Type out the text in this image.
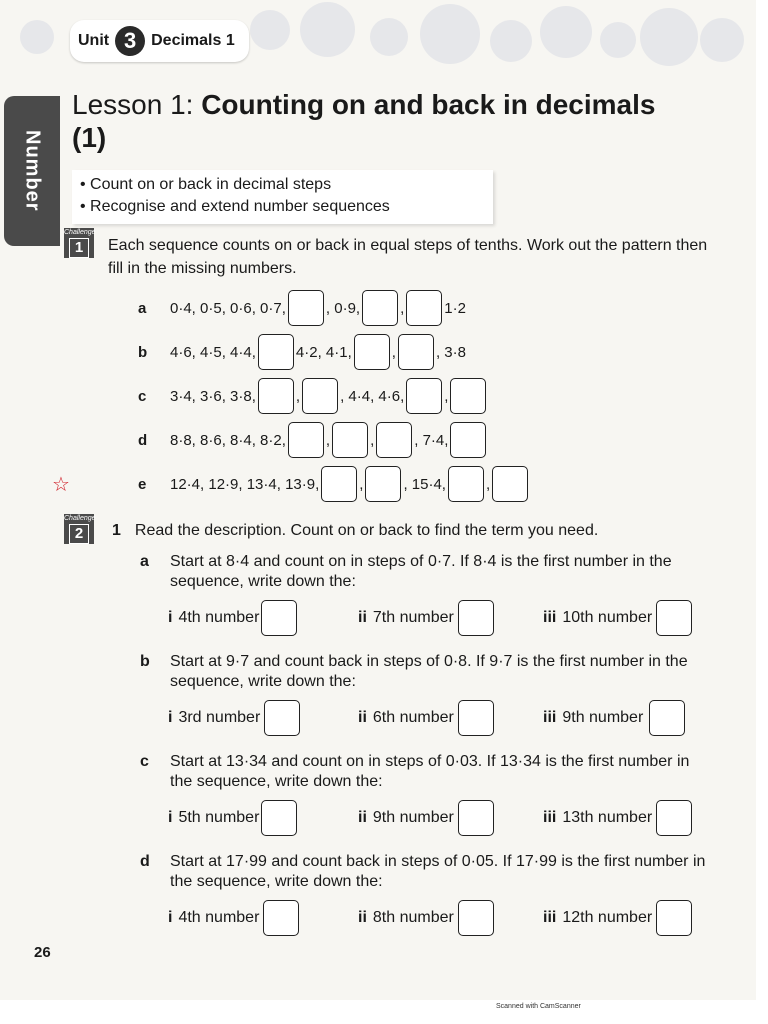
Unit 3 Decimals 1
Number
Lesson 1: Counting on and back in decimals (1)
• Count on or back in decimal steps
• Recognise and extend number sequences
Challenge
1	Each sequence counts on or back in equal steps of tenths. Work out the pattern then fill in the missing numbers.
a	0·4, 0·5, 0·6, 0·7,	, 0·9,	,	1·2
b	4·6, 4·5, 4·4,	4·2, 4·1,	,	, 3·8
c	3·4, 3·6, 3·8,	,	, 4·4, 4·6,	,
d	8·8, 8·6, 8·4, 8·2,	,	,	, 7·4,
☆	e	12·4, 12·9, 13·4, 13·9,	,	, 15·4,	,
Challenge
2	1 Read the description. Count on or back to find the term you need.
a	Start at 8·4 and count on in steps of 0·7. If 8·4 is the first number in the sequence, write down the:
i 4th number	ii 7th number	iii 10th number
b	Start at 9·7 and count back in steps of 0·8. If 9·7 is the first number in the sequence, write down the:
i 3rd number	ii 6th number	iii 9th number
c	Start at 13·34 and count on in steps of 0·03. If 13·34 is the first number in the sequence, write down the:
i 5th number	ii 9th number	iii 13th number
d	Start at 17·99 and count back in steps of 0·05. If 17·99 is the first number in the sequence, write down the:
i 4th number	ii 8th number	iii 12th number
26
Scanned with CamScanner
